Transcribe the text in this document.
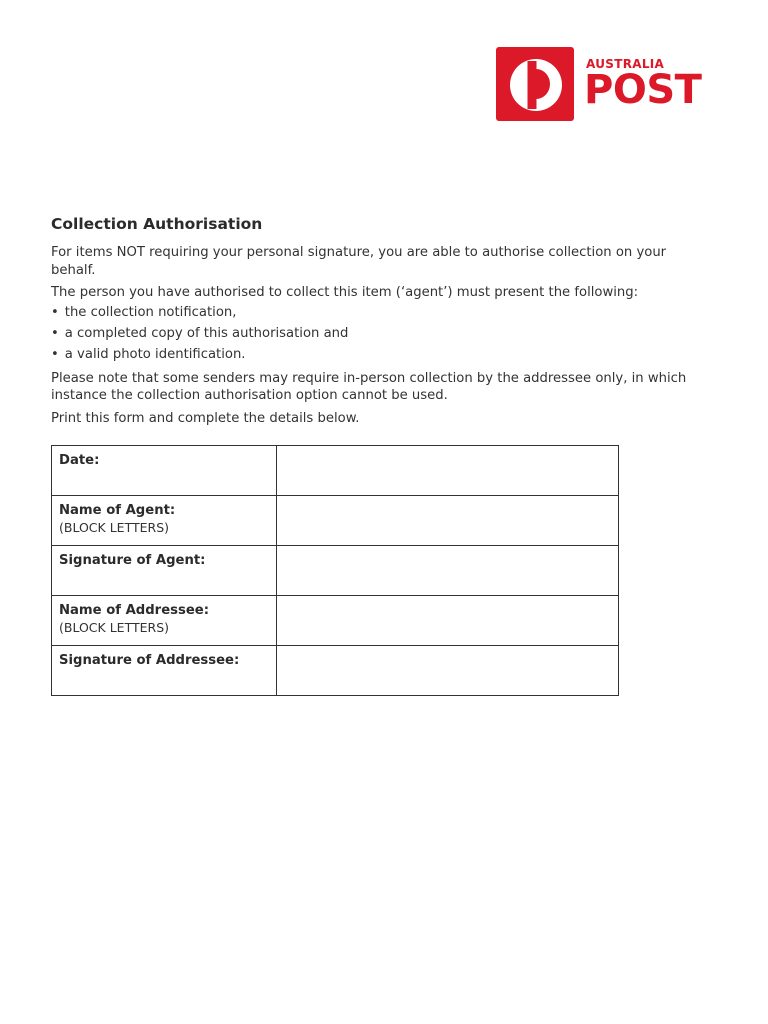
AUSTRALIA
POST
Collection Authorisation

For items NOT requiring your personal signature, you are able to authorise collection on your behalf.

The person you have authorised to collect this item (‘agent’) must present the following:

• the collection notification,
• a completed copy of this authorisation and
• a valid photo identification.

Please note that some senders may require in-person collection by the addressee only, in which instance the collection authorisation option cannot be used.

Print this form and complete the details below.

Date:	

Name of Agent:
(BLOCK LETTERS)	

Signature of Agent:	

Name of Addressee:
(BLOCK LETTERS)	

Signature of Addressee:	
